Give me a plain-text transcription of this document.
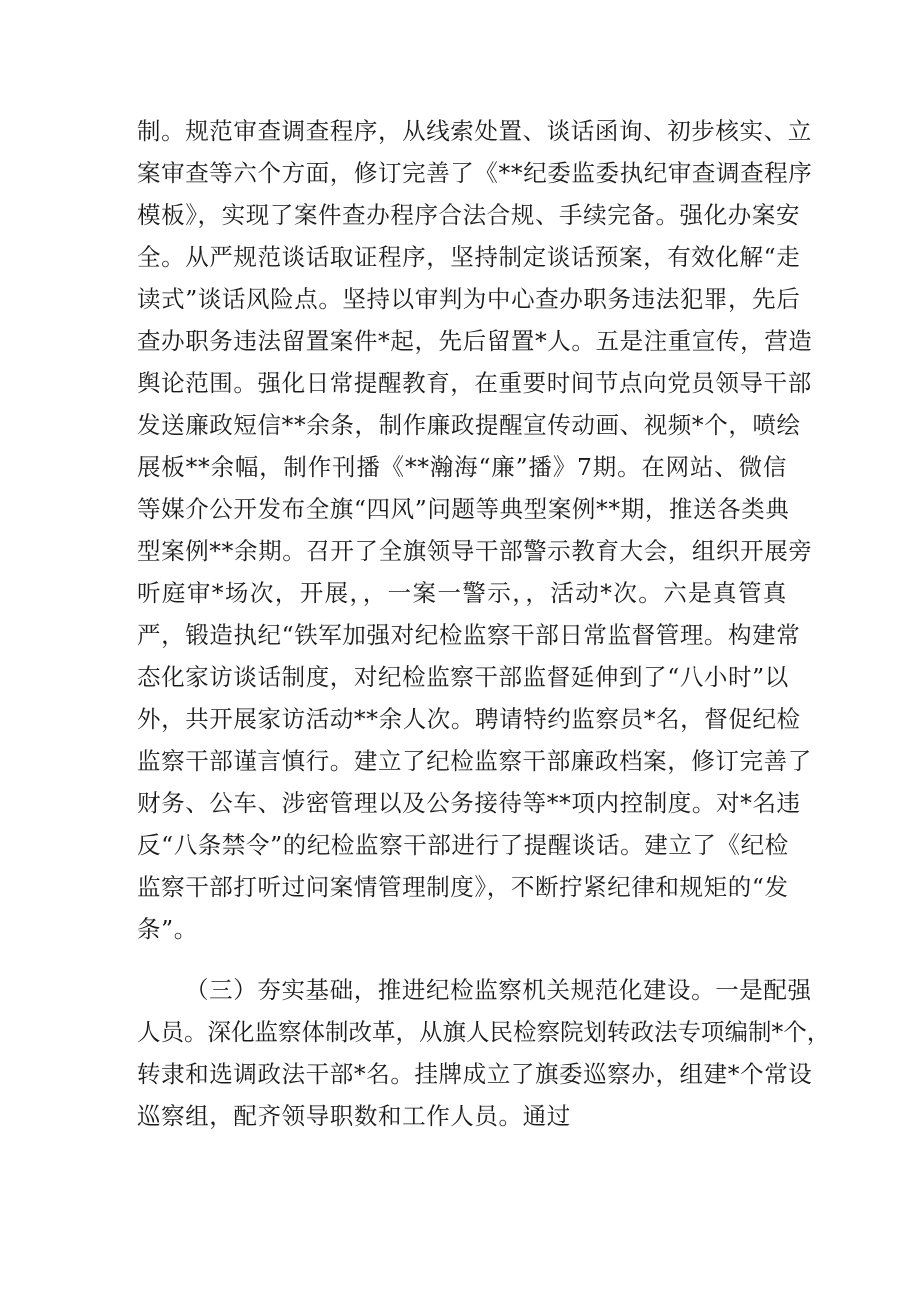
制。规范审查调查程序，从线索处置、谈话函询、初步核实、立
案审查等六个方面，修订完善了《**纪委监委执纪审查调查程序
模板》，实现了案件查办程序合法合规、手续完备。强化办案安
全。从严规范谈话取证程序，坚持制定谈话预案，有效化解“走
读式”谈话风险点。坚持以审判为中心查办职务违法犯罪，先后
查办职务违法留置案件*起，先后留置*人。五是注重宣传，营造
舆论范围。强化日常提醒教育，在重要时间节点向党员领导干部
发送廉政短信**余条，制作廉政提醒宣传动画、视频*个，喷绘
展板**余幅，制作刊播《**瀚海“廉”播》7期。在网站、微信
等媒介公开发布全旗“四风”问题等典型案例**期，推送各类典
型案例**余期。召开了全旗领导干部警示教育大会，组织开展旁
听庭审*场次，开展，，一案一警示，，活动*次。六是真管真
严，锻造执纪“铁军加强对纪检监察干部日常监督管理。构建常
态化家访谈话制度，对纪检监察干部监督延伸到了“八小时”以
外，共开展家访活动**余人次。聘请特约监察员*名，督促纪检
监察干部谨言慎行。建立了纪检监察干部廉政档案，修订完善了
财务、公车、涉密管理以及公务接待等**项内控制度。对*名违
反“八条禁令”的纪检监察干部进行了提醒谈话。建立了《纪检
监察干部打听过问案情管理制度》，不断拧紧纪律和规矩的“发
条”。
（三）夯实基础，推进纪检监察机关规范化建设。一是配强
人员。深化监察体制改革，从旗人民检察院划转政法专项编制*个，
转隶和选调政法干部*名。挂牌成立了旗委巡察办，组建*个常设
巡察组，配齐领导职数和工作人员。通过
